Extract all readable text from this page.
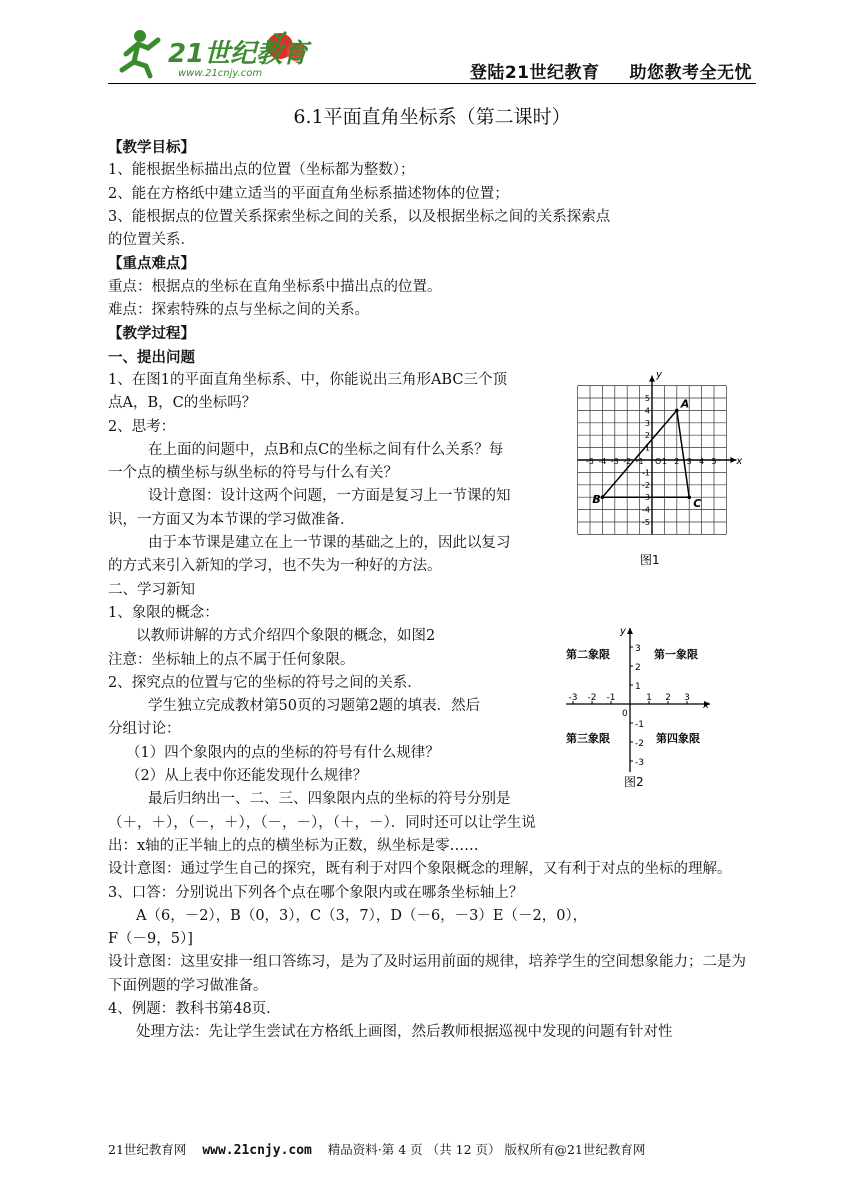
21世纪教育
www.21cnjy.com	登陆21世纪教育 助您教考全无忧
6.1平面直角坐标系（第二课时）

【教学目标】

1、能根据坐标描出点的位置（坐标都为整数）；

2、能在方格纸中建立适当的平面直角坐标系描述物体的位置；

3、能根据点的位置关系探索坐标之间的关系，以及根据坐标之间的关系探索点

的位置关系．

【重点难点】

重点：根据点的坐标在直角坐标系中描出点的位置。

难点：探索特殊的点与坐标之间的关系。

【教学过程】

一、提出问题

1、在图1的平面直角坐标系、中，你能说出三角形ABC三个顶

点A，B，C的坐标吗？

2、思考：

在上面的问题中，点B和点C的坐标之间有什么关系？每

一个点的横坐标与纵坐标的符号与什么有关？

设计意图：设计这两个问题，一方面是复习上一节课的知

识，一方面又为本节课的学习做准备．

由于本节课是建立在上一节课的基础之上的，因此以复习

的方式来引入新知的学习，也不失为一种好的方法。

二、学习新知

1、象限的概念：

以教师讲解的方式介绍四个象限的概念，如图2

注意：坐标轴上的点不属于任何象限。

2、探究点的位置与它的坐标的符号之间的关系．

学生独立完成教材第50页的习题第2题的填表．然后

分组讨论：

（1）四个象限内的点的坐标的符号有什么规律？

（2）从上表中你还能发现什么规律？

最后归纳出一、二、三、四象限内点的坐标的符号分别是

（＋，＋），（－，＋），（－，－），（＋，－）．同时还可以让学生说

出：x轴的正半轴上的点的横坐标为正数，纵坐标是零……

设计意图：通过学生自己的探究，既有利于对四个象限概念的理解，又有利于对点的坐标的理解。

3、口答：分别说出下列各个点在哪个象限内或在哪条坐标轴上？

A（6，－2），B（0，3），C（3，7），D（－6，－3）E（－2，0），

F（－9，5）]

设计意图：这里安排一组口答练习，是为了及时运用前面的规律，培养学生的空间想象能力；二是为下面例题的学习做准备。

4、例题：教科书第48页．

处理方法：先让学生尝试在方格纸上画图，然后教师根据巡视中发现的问题有针对性

x
y
-5 -4 -3 -2 -1 1 2 3 4 5
5
4
3
2
1
-1
-2
-3
-4
-5
O
A
B	C
图1
x
y
-3 -2 -1	1 2 3
3
2
1
-1
-2
-3
0
第一象限
第二象限
第三象限	第四象限
图2
21世纪教育网 www.21cnjy.com 精品资料·第 4 页 （共 12 页） 版权所有@21世纪教育网
